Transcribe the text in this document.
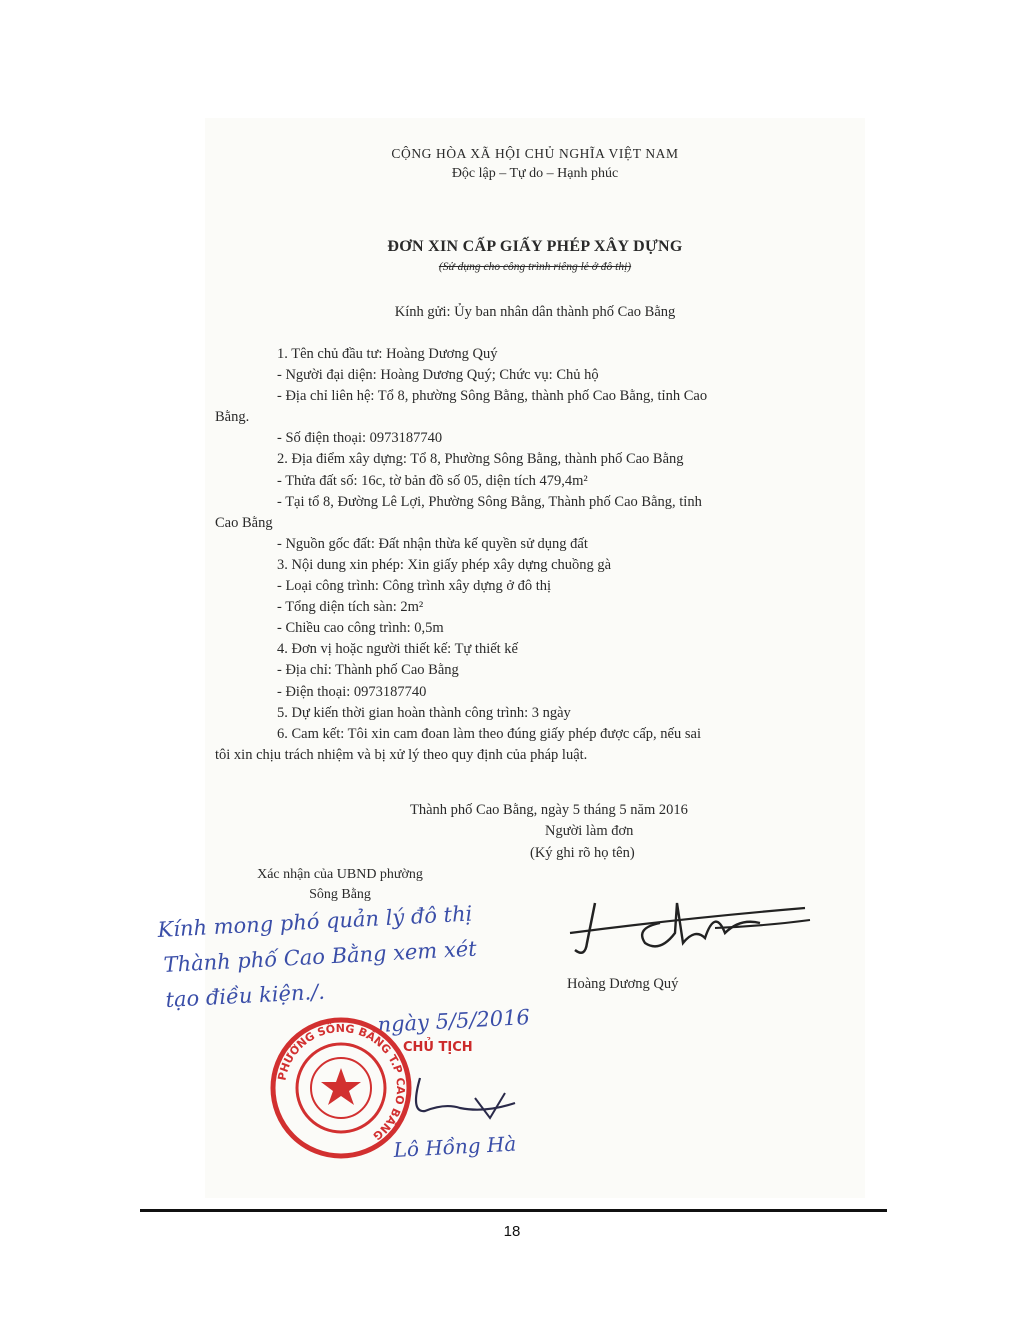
CỘNG HÒA XÃ HỘI CHỦ NGHĨA VIỆT NAM
Độc lập – Tự do – Hạnh phúc
ĐƠN XIN CẤP GIẤY PHÉP XÂY DỰNG
(Sử dụng cho công trình riêng lẻ ở đô thị)
Kính gửi: Ủy ban nhân dân thành phố Cao Bằng
1. Tên chủ đầu tư: Hoàng Dương Quý
- Người đại diện: Hoàng Dương Quý; Chức vụ: Chủ hộ
- Địa chỉ liên hệ: Tổ 8, phường Sông Bằng, thành phố Cao Bằng, tỉnh Cao
Bằng.
- Số điện thoại: 0973187740
2. Địa điểm xây dựng: Tổ 8, Phường Sông Bằng, thành phố Cao Bằng
- Thửa đất số: 16c, tờ bản đồ số 05, diện tích 479,4m²
- Tại tổ 8, Đường Lê Lợi, Phường Sông Bằng, Thành phố Cao Bằng, tỉnh
Cao Bằng
- Nguồn gốc đất: Đất nhận thừa kế quyền sử dụng đất
3. Nội dung xin phép: Xin giấy phép xây dựng chuồng gà
- Loại công trình: Công trình xây dựng ở đô thị
- Tổng diện tích sàn: 2m²
- Chiều cao công trình: 0,5m
4. Đơn vị hoặc người thiết kế: Tự thiết kế
- Địa chỉ: Thành phố Cao Bằng
- Điện thoại: 0973187740
5. Dự kiến thời gian hoàn thành công trình: 3 ngày
6. Cam kết: Tôi xin cam đoan làm theo đúng giấy phép được cấp, nếu sai
tôi xin chịu trách nhiệm và bị xử lý theo quy định của pháp luật.
Thành phố Cao Bằng, ngày 5 tháng 5 năm 2016
Người làm đơn
(Ký ghi rõ họ tên)
Xác nhận của UBND phường
Sông Bằng
Hoàng Dương Quý
Kính mong phó quản lý đô thị
Thành phố Cao Bằng xem xét
tạo điều kiện./.
ngày 5/5/2016
PHƯỜNG SÔNG BẰNG T.P CAO BẰNG
CHỦ TỊCH
Lô Hồng Hà
18
